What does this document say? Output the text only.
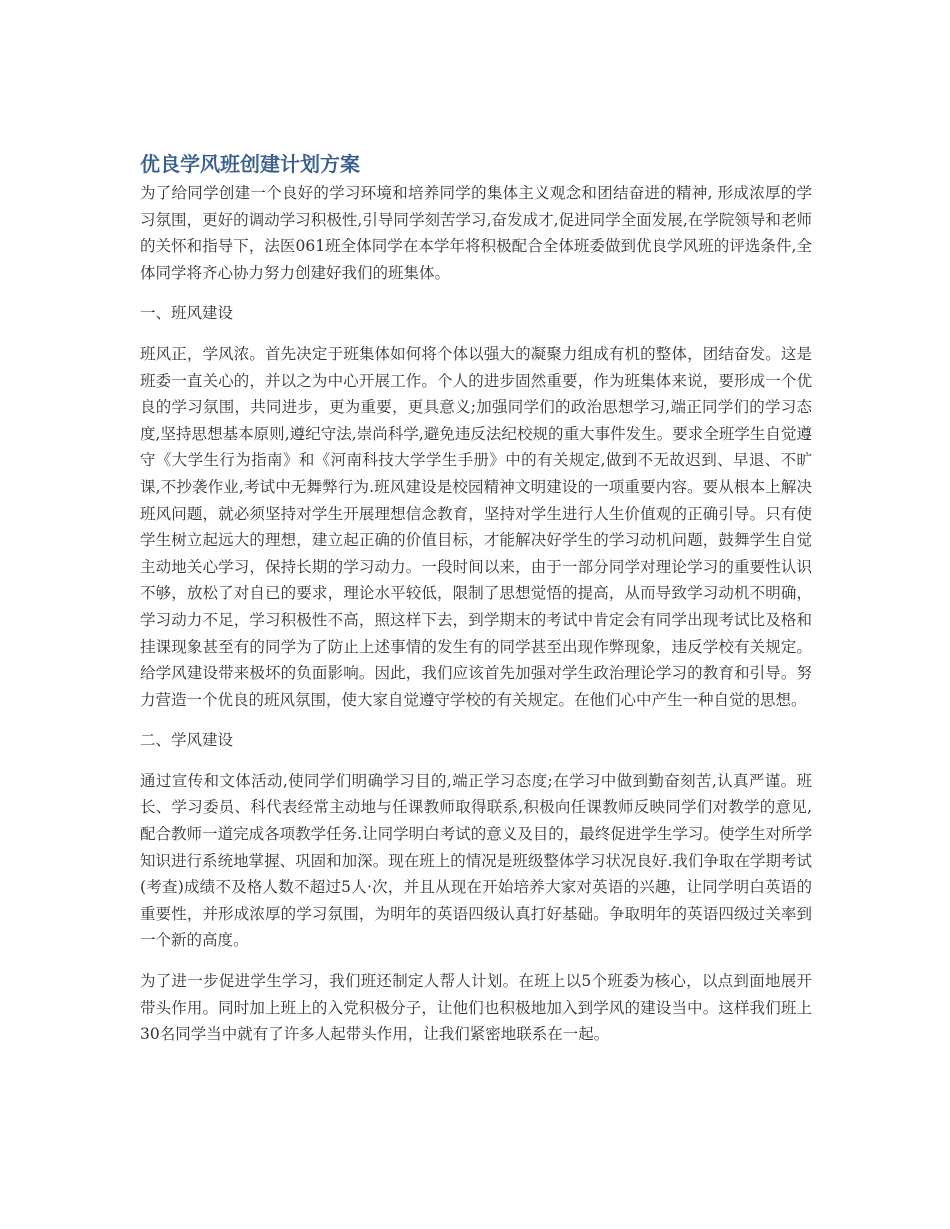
优良学风班创建计划方案

为了给同学创建一个良好的学习环境和培养同学的集体主义观念和团结奋进的精神, 形成浓厚的学习氛围，更好的调动学习积极性,引导同学刻苦学习,奋发成才,促进同学全面发展,在学院领导和老师的关怀和指导下，法医061班全体同学在本学年将积极配合全体班委做到优良学风班的评选条件,全体同学将齐心协力努力创建好我们的班集体。

一、班风建设

班风正，学风浓。首先决定于班集体如何将个体以强大的凝聚力组成有机的整体，团结奋发。这是班委一直关心的，并以之为中心开展工作。个人的进步固然重要，作为班集体来说，要形成一个优良的学习氛围，共同进步，更为重要，更具意义;加强同学们的政治思想学习,端正同学们的学习态度,坚持思想基本原则,遵纪守法,崇尚科学,避免违反法纪校规的重大事件发生。要求全班学生自觉遵守《大学生行为指南》和《河南科技大学学生手册》中的有关规定,做到不无故迟到、早退、不旷课,不抄袭作业,考试中无舞弊行为.班风建设是校园精神文明建设的一项重要内容。要从根本上解决班风问题，就必须坚持对学生开展理想信念教育，坚持对学生进行人生价值观的正确引导。只有使学生树立起远大的理想，建立起正确的价值目标，才能解决好学生的学习动机问题，鼓舞学生自觉主动地关心学习，保持长期的学习动力。一段时间以来，由于一部分同学对理论学习的重要性认识不够，放松了对自已的要求，理论水平较低，限制了思想觉悟的提高，从而导致学习动机不明确，学习动力不足，学习积极性不高，照这样下去，到学期末的考试中肯定会有同学出现考试比及格和挂课现象甚至有的同学为了防止上述事情的发生有的同学甚至出现作弊现象，违反学校有关规定。给学风建设带来极坏的负面影响。因此，我们应该首先加强对学生政治理论学习的教育和引导。努力营造一个优良的班风氛围，使大家自觉遵守学校的有关规定。在他们心中产生一种自觉的思想。

二、学风建设

通过宣传和文体活动,使同学们明确学习目的,端正学习态度;在学习中做到勤奋刻苦,认真严谨。班长、学习委员、科代表经常主动地与任课教师取得联系,积极向任课教师反映同学们对教学的意见,配合教师一道完成各项教学任务.让同学明白考试的意义及目的，最终促进学生学习。使学生对所学知识进行系统地掌握、巩固和加深。现在班上的情况是班级整体学习状况良好.我们争取在学期考试(考查)成绩不及格人数不超过5人·次，并且从现在开始培养大家对英语的兴趣，让同学明白英语的重要性，并形成浓厚的学习氛围，为明年的英语四级认真打好基础。争取明年的英语四级过关率到一个新的高度。

为了进一步促进学生学习，我们班还制定人帮人计划。在班上以5个班委为核心，以点到面地展开带头作用。同时加上班上的入党积极分子，让他们也积极地加入到学风的建设当中。这样我们班上30名同学当中就有了许多人起带头作用，让我们紧密地联系在一起。
